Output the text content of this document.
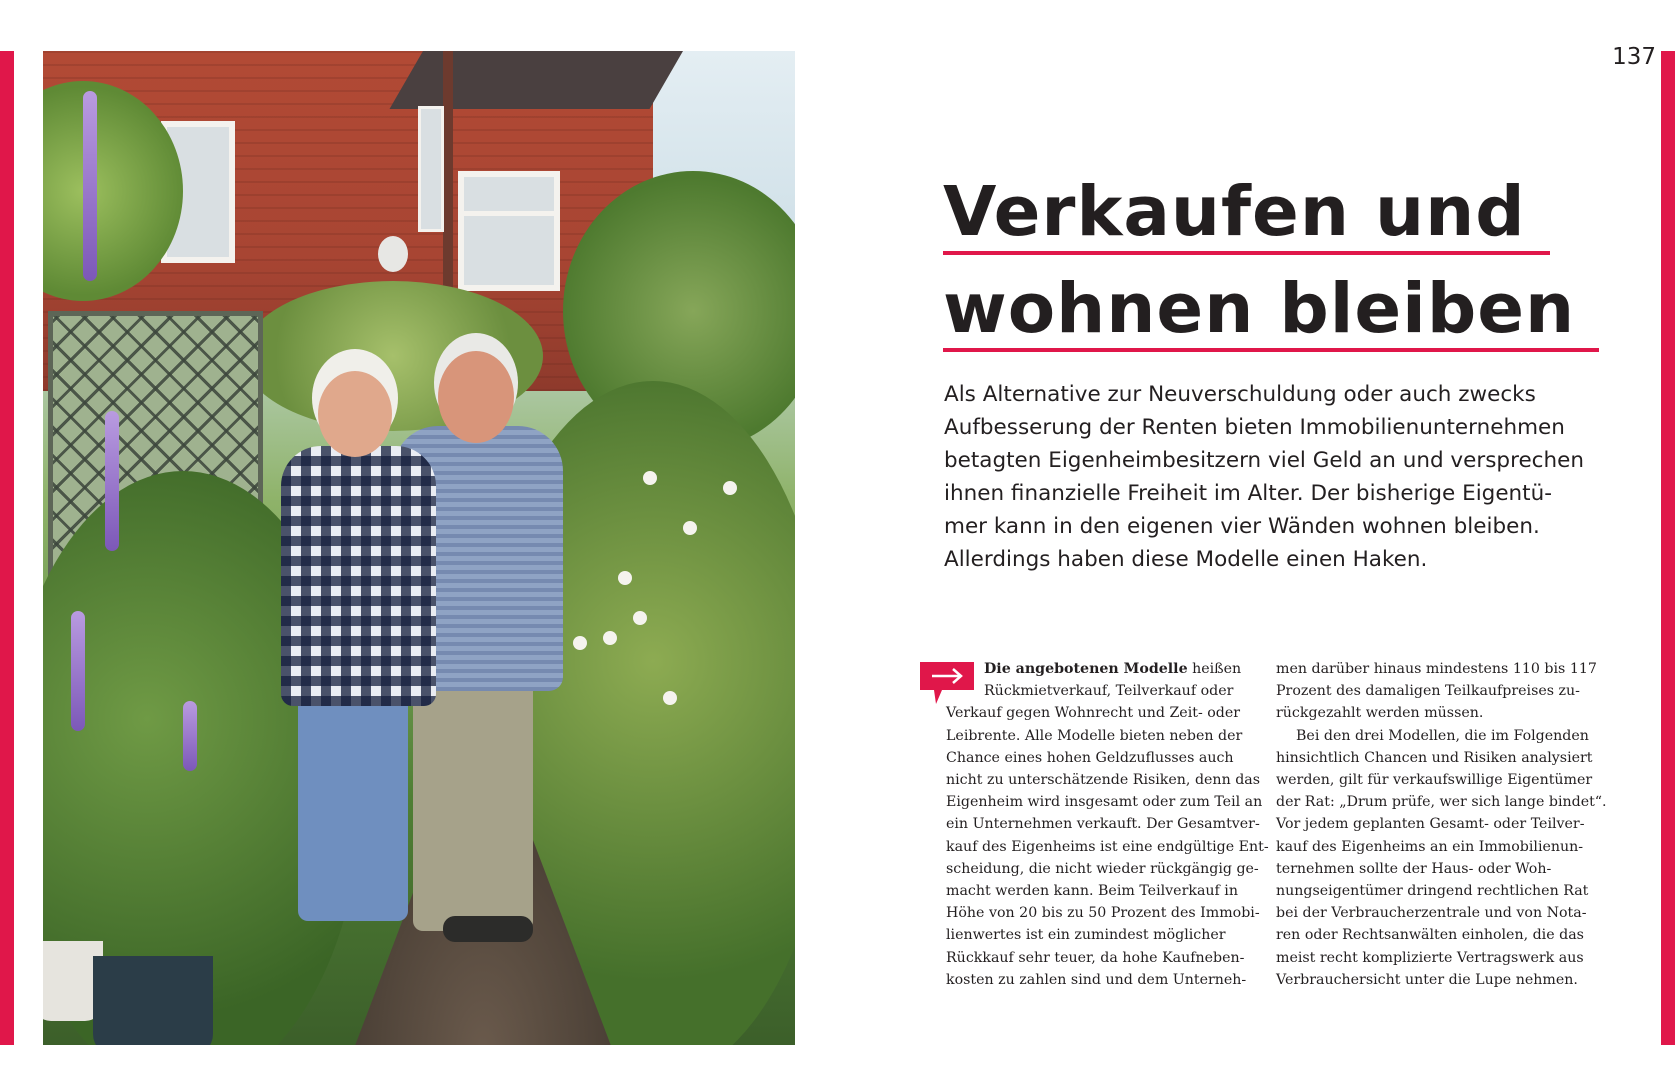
137
Verkaufen und
wohnen bleiben

Als Alternative zur Neuverschuldung oder auch zwecks
Aufbesserung der Renten bieten Immobilienunternehmen
betagten Eigenheimbesitzern viel Geld an und versprechen
ihnen finanzielle Freiheit im Alter. Der bisherige Eigentü-
mer kann in den eigenen vier Wänden wohnen bleiben.
Allerdings haben diese Modelle einen Haken.

Die angebotenen Modelle heißen
Rückmietverkauf, Teilverkauf oder
Verkauf gegen Wohnrecht und Zeit- oder
Leibrente. Alle Modelle bieten neben der
Chance eines hohen Geldzuflusses auch
nicht zu unterschätzende Risiken, denn das
Eigenheim wird insgesamt oder zum Teil an
ein Unternehmen verkauft. Der Gesamtver-
kauf des Eigenheims ist eine endgültige Ent-
scheidung, die nicht wieder rückgängig ge-
macht werden kann. Beim Teilverkauf in
Höhe von 20 bis zu 50 Prozent des Immobi-
lienwertes ist ein zumindest möglicher
Rückkauf sehr teuer, da hohe Kaufneben-
kosten zu zahlen sind und dem Unterneh-
men darüber hinaus mindestens 110 bis 117
Prozent des damaligen Teilkaufpreises zu-
rückgezahlt werden müssen.
Bei den drei Modellen, die im Folgenden
hinsichtlich Chancen und Risiken analysiert
werden, gilt für verkaufswillige Eigentümer
der Rat: „Drum prüfe, wer sich lange bindet“.
Vor jedem geplanten Gesamt- oder Teilver-
kauf des Eigenheims an ein Immobilienun-
ternehmen sollte der Haus- oder Woh-
nungseigentümer dringend rechtlichen Rat
bei der Verbraucherzentrale und von Nota-
ren oder Rechtsanwälten einholen, die das
meist recht komplizierte Vertragswerk aus
Verbrauchersicht unter die Lupe nehmen.
